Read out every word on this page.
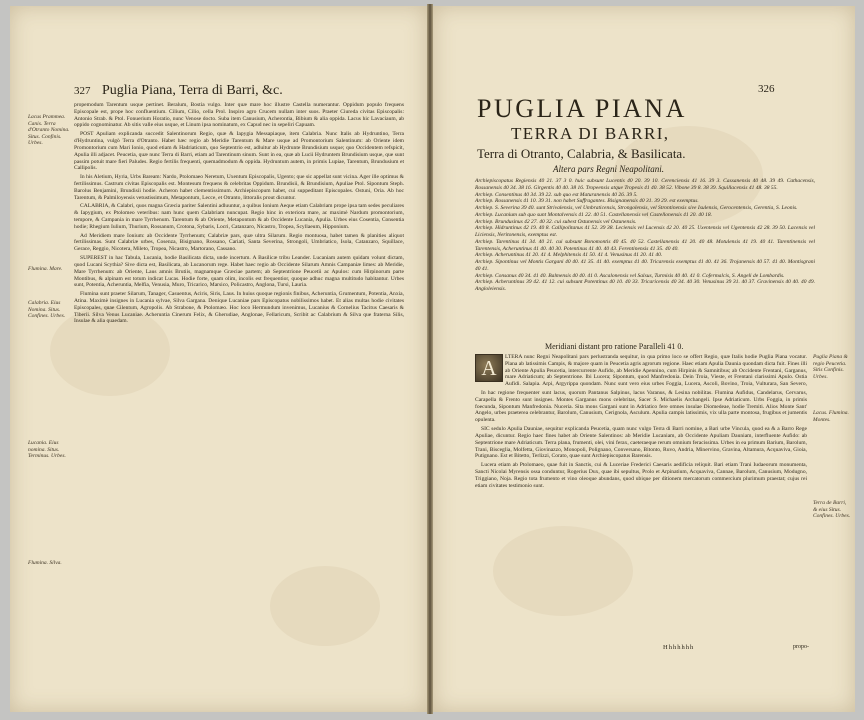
327 Puglia Piana, Terra di Barri, &c.
Lacus Prammea. Canis. Terra d'Otranto Nomina. Situs. Confinis. Urbes.
Flumina. Mare.
Calabria. Eius Nomina. Situs. Confines. Urbes.
Lucania. Eius nomina. Situs. Terminus. Urbes.
Flumina. Silva.

propemodum Tarentum usque pertinet. Beralum, Bostia vulgo. Inter quæ mare hoc illustre Castella numerantur. Oppidum populo frequens Episcopale est, prope hoc confluentium. Cilium, Cilio, cella Prol. Inspiro agro Crucem nullam inter suos. Praeter Ciureda civitas Episcopalis: Antonio Strab. & Ptol. Fonuerium Horatio, nunc Venose docto. Suba item Canusium, Acherontia, Bibium & alia oppida. Lacus hic Lavaciaum, ab oppido cognominatur. Ab sitis valle eius usque, et Linum ipsa nominatum, ex Capud nec in sepeliri Capuam.

POST Apuliam explicanda succedit Salentinorum Regio, quæ & Iapygia Messapiaque, item Calabria. Nunc Italis ab Hydruntino, Terra d'Hydruntina, vulgò Terra d'Otranto. Habet hæc regio ab Meridie Tarentum & Mare usque ad Promontorium Salentinum: ab Oriente idem Promontorium cum Mari Ionio, quod etiam & Hadriaticum, quo Septentrio est, adluitur ab Hydrunte Brundisium usque; quo Occidentem refspicit, Apulia illi adjacet. Peucetia, quæ nunc Terra di Barri, etiam ad Tarentinum sinum. Sunt in ea, quæ ab Lucii Hydruntem Brundisium usque, que sunt passim potuit mare fieri Paludes. Regio fertilis frequenti, quemadmodum & oppida. Hydruntum autem, in primis Lupiae, Tarentum, Brundusium et Callipolis.

In his Aletium, Hyria, Urbs Baream: Nardo, Ptolomaeo Neretum, Uxentum Episcopalis, Ugento; que sic appellat sunt vicina. Ager ille optimus & fertilissimus. Castrum civitas Episcopalis est. Montesum frequens & celebritas Oppidum. Brundisii, & Brundisium, Apuliae Ptol. Sipontum Steph. Barolus Benjamini, Brundisii hodie. Acheron habet clementissimum. Archiepiscopum habet, cui suppeditant Episcopales. Ostuni, Oria. Ab hoc Tarentum, & Palmiloyensis vetustissimum, Metapontum, Lecce, et Otranto, littoralis prout dicuntur.

CALABRIA, & Calabri, quos magna Græcia pariter Salentini adluuntur, a quibus Ionium Aeque etiam Calabriam prope ipsa tam sedes peculiares & Iapygium, ex Ptolomeo veteribus: nam hunc quem Calabriam nuncupat. Regio hinc in exteriora mare, ac maximè Nardum promontorium, tempore, & Campania in mare Tyrrhenum. Tarentum & ab Oriente, Metapontum & ab Occidente Lucania, Apulia. Urbes eius Cosentia, Consentia hodie; Rhegium Iulium, Thurium, Rossanum, Crotona, Sybaris, Locri, Catanzaro, Nicastro, Tropea, Scyllaeum, Hipponium.

Ad Meridiem mare Ionium: ab Occidente Tyrrhenum; Calabriæ pars, quæ ultra Silarum. Regio montuosa, habet tamen & planities aliquot fertilissimas. Sunt Calabriæ urbes, Cosenza, Bisignano, Rossano, Cariati, Santa Severina, Strongoli, Umbriatico, Isola, Catanzaro, Squillace, Gerace, Reggio, Nicotera, Mileto, Tropea, Nicastro, Martorano, Cassano.

SUPEREST in hac Tabula, Lucania, hodie Basilicata dicta, unde incertum. A Basilicæ tribu Leander. Lucaniam autem quidam volunt dictam, quod Lucani Scythia? Sive dicta est, Basilicata, ab Lucanorum rege. Habet haec regio ab Occidente Silarum Amnis Campaniæ limes: ab Meridie, Mare Tyrrhenum: ab Oriente, Laus amnis Brutiis, magnamque Græciae partem; ab Septentrione Peucetii ac Apulos: cum Hirpinorum parte Montibus, & alpinam est totum indicat Lucas. Hodie forte, quam olim, incolis est frequentior, quoque adhuc magna multitudo habitantur. Urbes sunt, Potentia, Acheruntia, Melfia, Venusia, Muro, Tricarico, Marsico, Policastro, Anglona, Tursi, Lauria.

Flumina sunt praeter Silarum, Tanager, Casuentus, Aciris, Siris, Laus. In huius quoque regionis finibus, Acheruntia, Grumentum, Potentia, Anxia, Atina. Maximè insignes in Lucania sylvae, Silva Gargana. Denique Lucaniae pars Episcopatus nobilissimos habet. Et alias multas hodie civitates Episcopales, quae Cilentum, Agropolis. Ab Strabone, & Ptolomæo. Hoc loco Hermundum invenimus, Lucanius & Cornelius Tacitus Caesaris & Tiberii. Silva Venus Lucaniae. Acheruntia Cinerum Felix, & Gherudiae, Anglonae, Fellaricum, Scribit ac Calabrium & Silva que fraterna Silis, Insulae & alia quaedam.

326
PUGLIA PIANA
TERRA DI BARRI,
Terra di Otranto, Calabria, & Basilicata.
Altera pars Regni Neapolitani.

Archiepiscopatus Regiensis 40 21. 37 3 0. huic subsunt Lucentis 40 20. 39 10. Cerenciensis 41 16. 39 3. Cassanensis 40 48. 39 49. Cathacensis, Rossanensis 40 34. 38 16. Girgentis 40 40. 38 16. Tropeensis atque Tropesis 41 40. 38 52. Vibone 39 8. 38 39. Squillacensis 41 48. 38 55.

Archiep. Consentinus 40 34. 39 22. sub quo est Maturanensis 40 26. 39 5.

Archiep. Rossanensis 41 10. 39 31. non habet Suffragantes. Bisignanensis 40 31. 39 29. est exemptus.

Archiep. S. Severina 39 40. sunt Strivalensis, vel Umbraticensis, Strongolensis, vel Strontinensis sive Isulensis, Gerocentensis, Gerentia, S. Leonis.

Archiep. Lucanium sub quo sunt Montalvensis 41 22. 40 51. Castellanensis vel Castellonensis 41 20. 40 18.

Archiep. Brundusinus 42 27. 40 32. cui subest Ostunensis vel Ostunensis.

Archiep. Hidruntinus 42 19. 40 8. Callipolitanus 41 52. 39 38. Leciensis vel Lucensis 42 20. 40 25. Uxentensis vel Ugentensis 42 28. 39 50. Lacensis vel Liciensis, Neritonensis, exemptus est.

Archiep. Tarentinus 41 34. 40 21. cui subsunt Bonomontis 40 45. 40 52. Castellanensis 41 20. 40 48. Motulensis 41 19. 40 41. Tarentinensis vel Tarentensis, Acheruntinus 41 40. 40 30. Potentinus 41 40. 40 43. Ferentinensis 41 35. 40 40.

Archiep. Acheruntinus 41 20. 41 4. Melphitensis 41 50. 41 4. Venusinus 41 20. 41 40.

Archiep. Sipontinus vel Montis Gargani 40 40. 41 35. 41 40. exemptus 41 40. Tricarensis exemptus 41 40. 41 36. Trojanensis 40 57. 41 40. Montisgrani 40 41.

Archiep. Consanus 40 34. 41 40. Balmensis 40 40. 41 0. Ascalonensis vel Salsus, Turmisis 40 40. 41 0. Cofermalcis, S. Angeli de Lombardis.

Archiep. Acheruntinus 39 42. 41 12. cui subsunt Potentinus 40 10. 40 33. Tricaricensis 40 34. 40 30. Venusinus 39 31. 40 37. Gravinensis 40 40. 40 49. Angloleiensis.

Meridiani distant pro ratione Paralleli 41 0.
A	LTERA nunc Regni Neapolitani pars perlustranda sequitur, in qua primo loco se offert Regio, quæ Italis hodie Puglia Piana vocatur. Plana ab latissimis Campis, & majore quam in Peucetia agris agrorum regione. Haec etiam Apulia Daunia quondam dicta fuit. Fines illi ab Oriente Apulia Peucetia, intercurrente Aufido, ab Meridie Apennino, cum Hirpinis & Samnitibus; ab Occidente Frentani, Garganus, mare Adriaticum; ab Septentrione. Ibi Lucera; Sipontum, quod Manfredonia. Dein Troia, Vieste, et Frentani clarissimi Apulo. Ostia Aufidi. Salapia. Arpi, Argyrippa quondam. Nunc sunt vero eius urbes Foggia, Lucera, Ascoli, Bovino, Troia, Vulturara, San Severo,

In hac regione frequenter sunt lacus, quorum Pantanus Salpinus, lacus Varanus, & Lesina nobilitas. Flumina Aufidus, Candelarus, Cervarus, Carapella & Frento sunt insignes. Montes Garganus mons celebritas, Sacer S. Michaelis Archangeli. Ipse Adriaticum. Urbs Foggia, in primis foecunda, Sipontum Manfredonia. Nuceria. Sita mons Gargani sunt in Adriatico fere omnes insulae Diomedeae, hodie Tremiti. Alios Monte Sant' Angelo, urbes praeterea celebrantur, Barolum, Canusium, Cerignola, Asculum. Apulia campis latissimis, vix ulla parte montosa, frugibus et jumentis opulenta.

SIC sedulo Apulia Dauniae, sequitur explicanda Peucetia, quam nunc vulgo Terra di Barri nomine, a Bari urbe Vincula, quod ea & a Barro Rege Apuliae, dicuntur. Regio haec fines habet ab Oriente Salentinos: ab Meridie Lucaniam, ab Occidente Apuliam Dauniam, interfluente Aufido: ab Septentrione mare Adriaticum. Terra plana, frumenti, olei, vini ferax, caeteraeque rerum omnium feracissima. Urbes in ea primum Barium, Barolum, Trani, Bisceglia, Molfetta, Giovinazzo, Monopoli, Polignano, Conversano, Bitonto, Ruvo, Andria, Minervino, Gravina, Altamura, Acquaviva, Gioia, Putignano. Est et Bitetto, Terlizzi, Corato, quae sunt Archiepiscopatus Barensis.

Lucera etiam ab Ptolomaeo, quae fuit in Sanctis, cui & Luceriae Frederici Caesaris aedificia reliquit. Bari etiam Trani Iudaeorum monumenta, Sancti Nicolai Myrensis ossa conduntur, Rogerius Dux, quae ibi sepultus, Prolo et Arpinatium, Acquaviva, Cannae, Barolum, Canusium, Modugno, Triggiano, Noja. Regio tota frumento et vino oleoque abundans, quod ubique per ditionem mercatorum commercium plurimum praestat; cujus rei etiam civitates testimonio sunt.

Puglia Piana & regio Peucetia. Sitis Confinis. Urbes.
Lacus. Flumina. Montes.
Terra de Barri, & eius Situs. Confines. Urbes.
Hhhhhhh	propo-
